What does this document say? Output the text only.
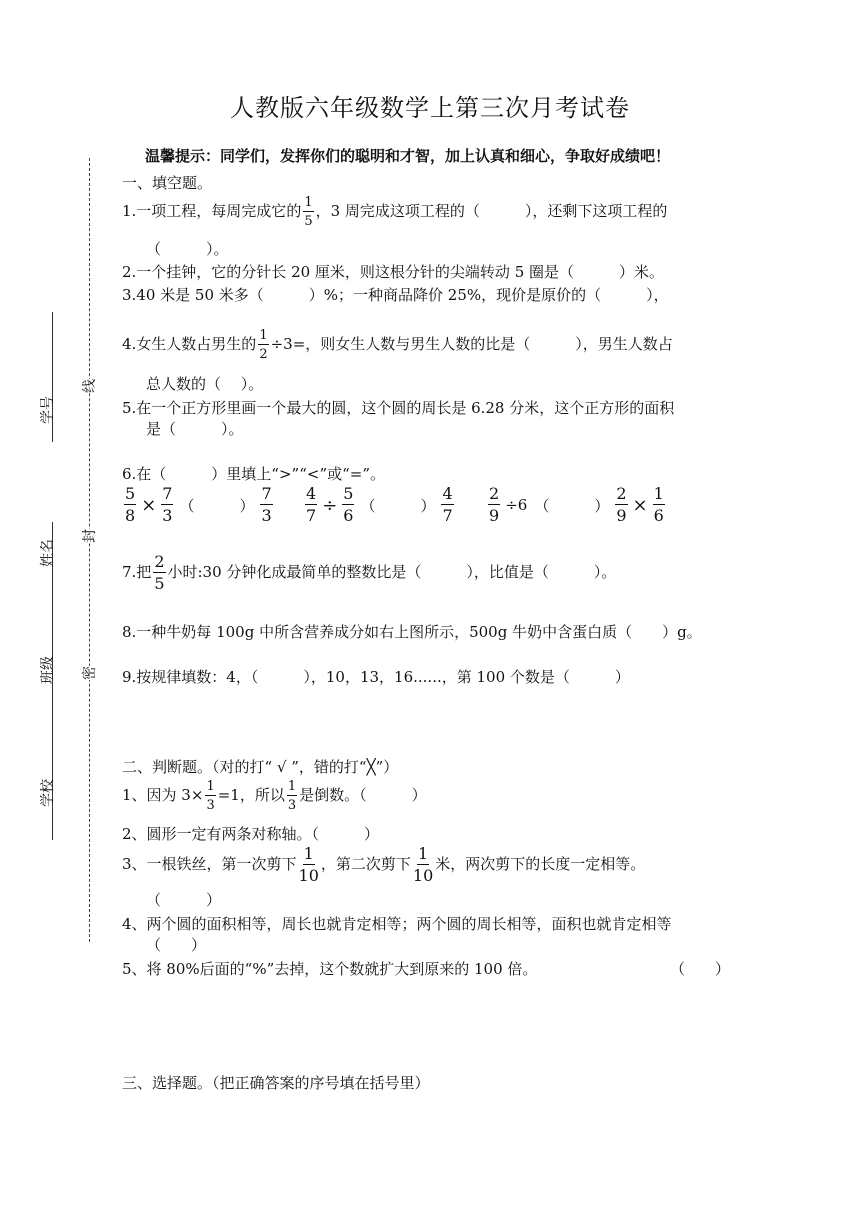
人教版六年级数学上第三次月考试卷
温馨提示：同学们，发挥你们的聪明和才智，加上认真和细心，争取好成绩吧！
学号
姓名
班级
学校
线
封
密
一、填空题。
1.一项工程，每周完成它的 $\frac{1}{5}$ ，3 周完成这项工程的（　　　），还剩下这项工程的
（　　　）。
2.一个挂钟，它的分针长 20 厘米，则这根分针的尖端转动 5 圈是（　　　）米。
3.40 米是 50 米多（　　　）%；一种商品降价 25%，现价是原价的（　　　），
4.女生人数占男生的 $\frac{1}{2} \div 3=$，则女生人数与男生人数的比是（　　　），男生人数占
总人数的（　 ）。
5.在一个正方形里画一个最大的圆，这个圆的周长是 6.28 分米，这个正方形的面积
是（　　　）。
6.在（　　　）里填上“>”“<”或“=”。
$\frac{5}{8} \times \frac{7}{3}$ （　　　） $\frac{7}{3} \frac{4}{7} \div \frac{5}{6}$ （　　　） $\frac{4}{7} \frac{2}{9} \div 6$ （　　　） $\frac{2}{9} \times \frac{1}{6}$
7.把 $\frac{2}{5}$ 小时:30 分钟化成最简单的整数比是（　　　），比值是（　　　）。
8.一种牛奶每 100g 中所含营养成分如右上图所示，500g 牛奶中含蛋白质（　　）g。
9.按规律填数：4，（　　　），10，13，16......，第 100 个数是（　　　）
二、判断题。（对的打“ √ ”，错的打“╳”）
1、因为 $3\times \frac{1}{3} =1$，所以 $\frac{1}{3}$ 是倒数。（　　　）
2、圆形一定有两条对称轴。（　　　）
3、一根铁丝，第一次剪下 $\frac{1}{10}$ ，第二次剪下 $\frac{1}{10}$ 米，两次剪下的长度一定相等。
（　　　）
4、两个圆的面积相等，周长也就肯定相等；两个圆的周长相等，面积也就肯定相等
（　　）
5、将 80%后面的“%”去掉，这个数就扩大到原来的 100 倍。	（　　）
三、选择题。（把正确答案的序号填在括号里）
